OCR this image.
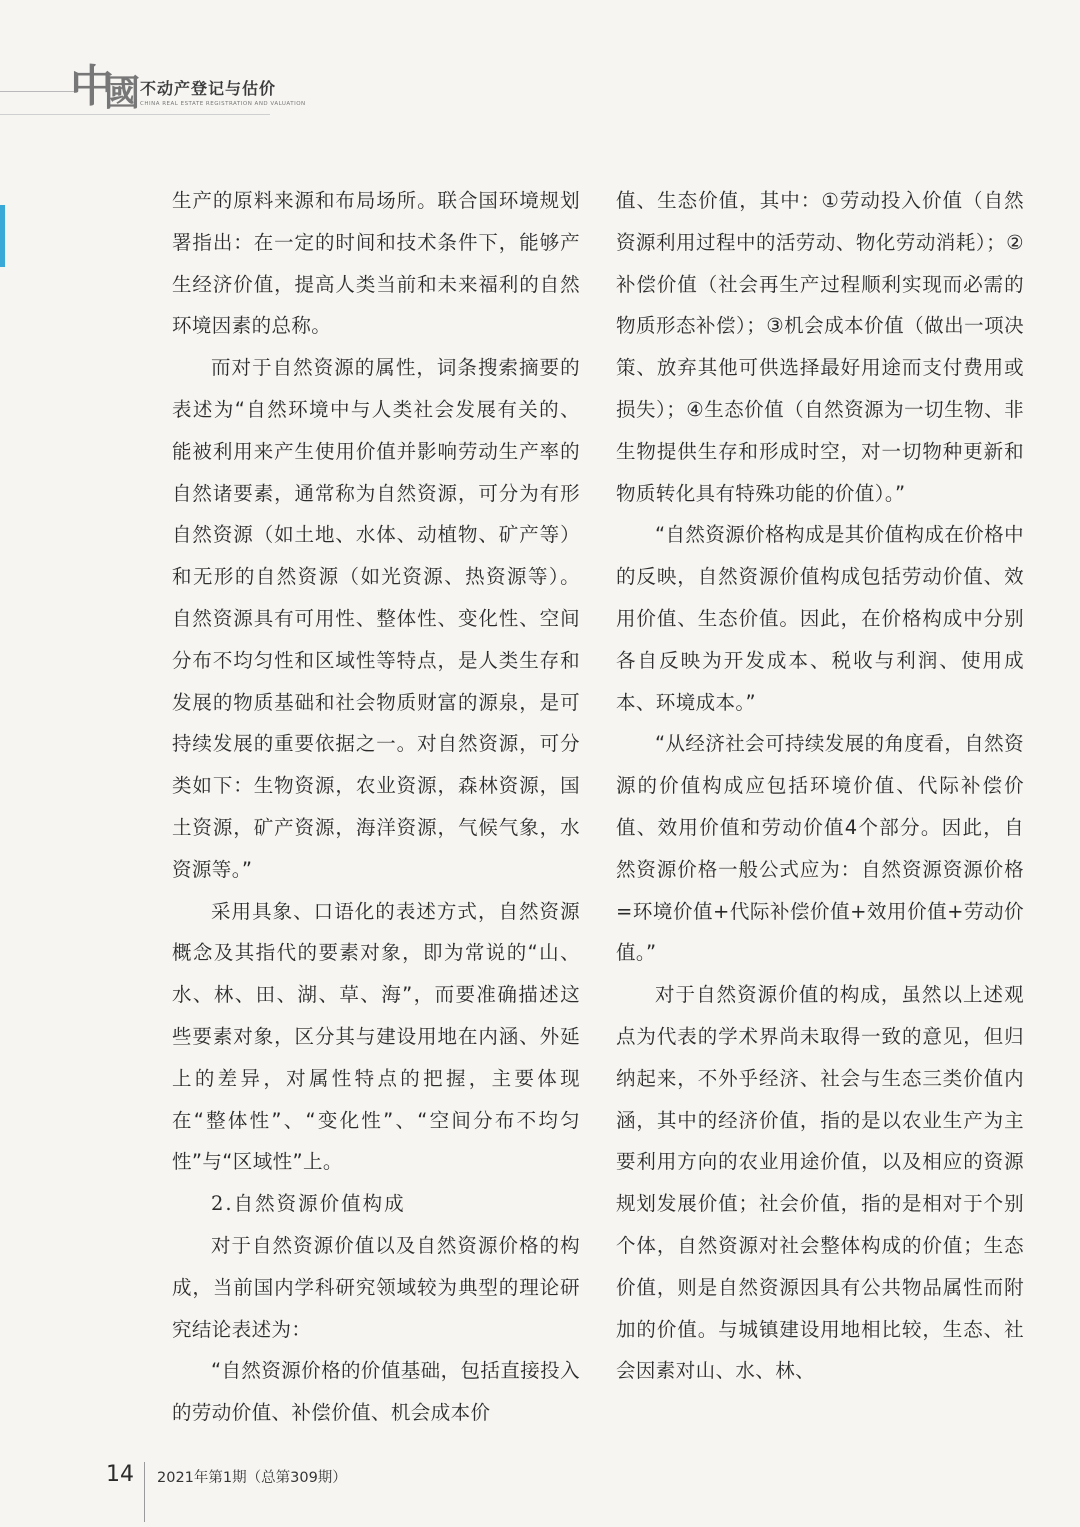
中
國 不动产登记与估价
CHINA REAL ESTATE REGISTRATION AND VALUATION

生产的原料来源和布局场所。联合国环境规划署指出：在一定的时间和技术条件下，能够产生经济价值，提高人类当前和未来福利的自然环境因素的总称。

而对于自然资源的属性，词条搜索摘要的表述为“自然环境中与人类社会发展有关的、能被利用来产生使用价值并影响劳动生产率的自然诸要素，通常称为自然资源，可分为有形自然资源（如土地、水体、动植物、矿产等）和无形的自然资源（如光资源、热资源等）。自然资源具有可用性、整体性、变化性、空间分布不均匀性和区域性等特点，是人类生存和发展的物质基础和社会物质财富的源泉，是可持续发展的重要依据之一。对自然资源，可分类如下：生物资源，农业资源，森林资源，国土资源，矿产资源，海洋资源，气候气象，水资源等。”

采用具象、口语化的表述方式，自然资源概念及其指代的要素对象，即为常说的“山、水、林、田、湖、草、海”，而要准确描述这些要素对象，区分其与建设用地在内涵、外延上的差异，对属性特点的把握，主要体现在“整体性”、“变化性”、“空间分布不均匀性”与“区域性”上。

2.自然资源价值构成

对于自然资源价值以及自然资源价格的构成，当前国内学科研究领域较为典型的理论研究结论表述为：

“自然资源价格的价值基础，包括直接投入的劳动价值、补偿价值、机会成本价

值、生态价值，其中：①劳动投入价值（自然资源利用过程中的活劳动、物化劳动消耗）；②补偿价值（社会再生产过程顺利实现而必需的物质形态补偿）；③机会成本价值（做出一项决策、放弃其他可供选择最好用途而支付费用或损失）；④生态价值（自然资源为一切生物、非生物提供生存和形成时空，对一切物种更新和物质转化具有特殊功能的价值）。”

“自然资源价格构成是其价值构成在价格中的反映，自然资源价值构成包括劳动价值、效用价值、生态价值。因此，在价格构成中分别各自反映为开发成本、税收与利润、使用成本、环境成本。”

“从经济社会可持续发展的角度看，自然资源的价值构成应包括环境价值、代际补偿价值、效用价值和劳动价值4个部分。因此，自然资源价格一般公式应为：自然资源资源价格=环境价值+代际补偿价值+效用价值+劳动价值。”

对于自然资源价值的构成，虽然以上述观点为代表的学术界尚未取得一致的意见，但归纳起来，不外乎经济、社会与生态三类价值内涵，其中的经济价值，指的是以农业生产为主要利用方向的农业用途价值，以及相应的资源规划发展价值；社会价值，指的是相对于个别个体，自然资源对社会整体构成的价值；生态价值，则是自然资源因具有公共物品属性而附加的价值。与城镇建设用地相比较，生态、社会因素对山、水、林、

14 2021年第1期（总第309期）
